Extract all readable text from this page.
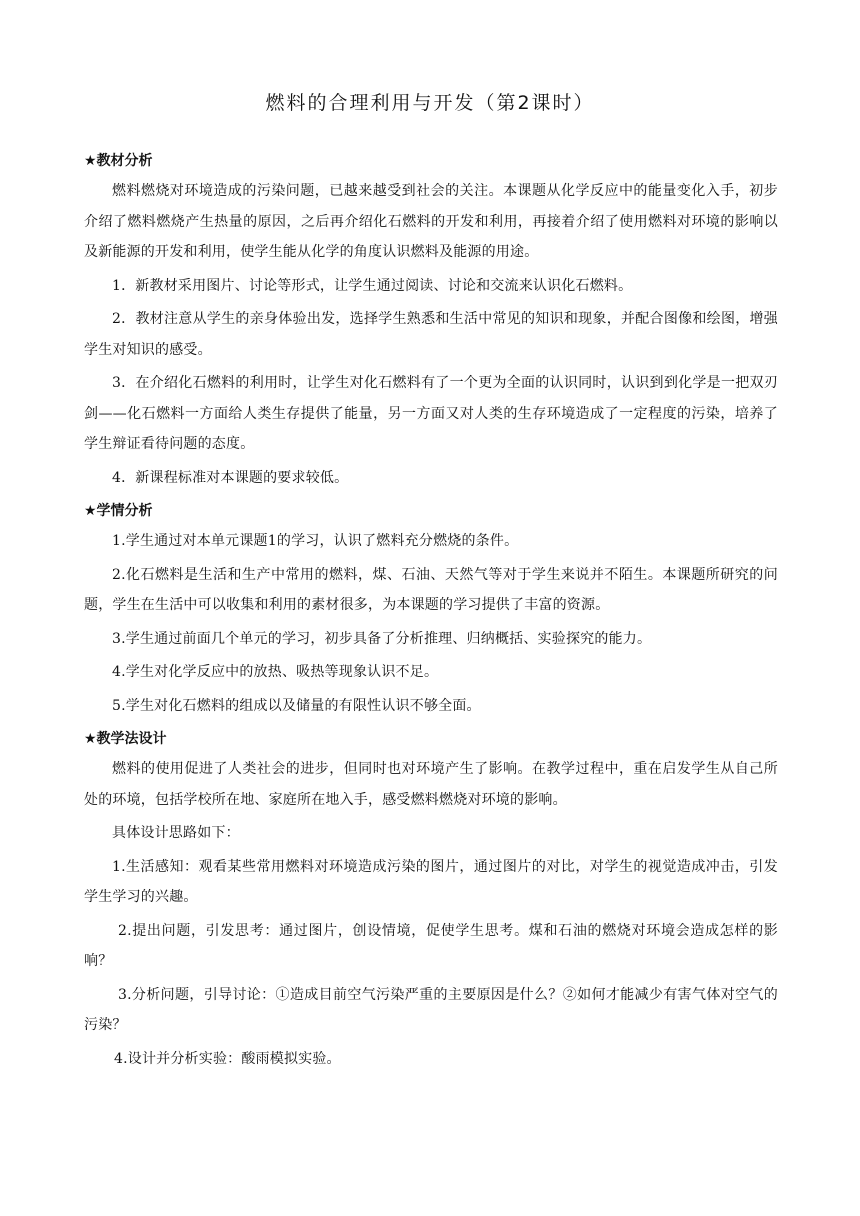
燃料的合理利用与开发（第2课时）
★教材分析

燃料燃烧对环境造成的污染问题，已越来越受到社会的关注。本课题从化学反应中的能量变化入手，初步介绍了燃料燃烧产生热量的原因，之后再介绍化石燃料的开发和利用，再接着介绍了使用燃料对环境的影响以及新能源的开发和利用，使学生能从化学的角度认识燃料及能源的用途。

1．新教材采用图片、讨论等形式，让学生通过阅读、讨论和交流来认识化石燃料。

2．教材注意从学生的亲身体验出发，选择学生熟悉和生活中常见的知识和现象，并配合图像和绘图，增强学生对知识的感受。

3．在介绍化石燃料的利用时，让学生对化石燃料有了一个更为全面的认识同时，认识到到化学是一把双刃剑——化石燃料一方面给人类生存提供了能量，另一方面又对人类的生存环境造成了一定程度的污染，培养了学生辩证看待问题的态度。

4．新课程标准对本课题的要求较低。

★学情分析

1.学生通过对本单元课题1的学习，认识了燃料充分燃烧的条件。

2.化石燃料是生活和生产中常用的燃料，煤、石油、天然气等对于学生来说并不陌生。本课题所研究的问题，学生在生活中可以收集和利用的素材很多，为本课题的学习提供了丰富的资源。

3.学生通过前面几个单元的学习，初步具备了分析推理、归纳概括、实验探究的能力。

4.学生对化学反应中的放热、吸热等现象认识不足。

5.学生对化石燃料的组成以及储量的有限性认识不够全面。

★教学法设计

燃料的使用促进了人类社会的进步，但同时也对环境产生了影响。在教学过程中，重在启发学生从自己所处的环境，包括学校所在地、家庭所在地入手，感受燃料燃烧对环境的影响。

具体设计思路如下：

1.生活感知：观看某些常用燃料对环境造成污染的图片，通过图片的对比，对学生的视觉造成冲击，引发学生学习的兴趣。

2.提出问题，引发思考：通过图片，创设情境，促使学生思考。煤和石油的燃烧对环境会造成怎样的影响？

3.分析问题，引导讨论：①造成目前空气污染严重的主要原因是什么？②如何才能减少有害气体对空气的污染？

4.设计并分析实验：酸雨模拟实验。
